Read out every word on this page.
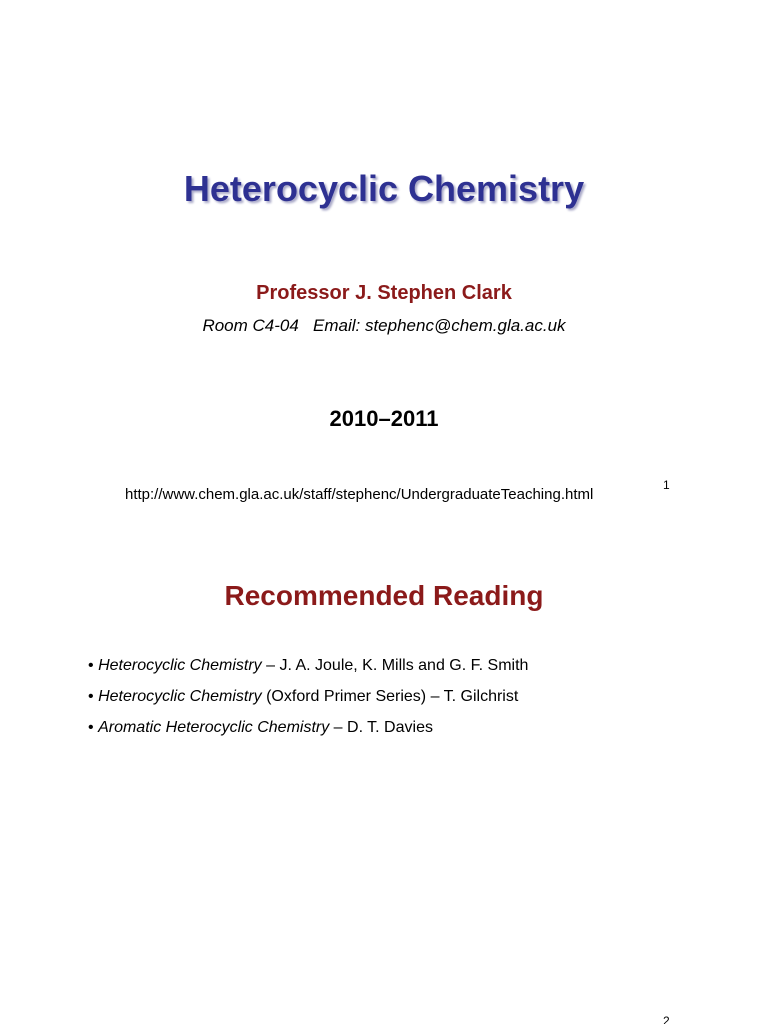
Heterocyclic Chemistry
Professor J. Stephen Clark
Room C4-04   Email: stephenc@chem.gla.ac.uk
2010–2011
http://www.chem.gla.ac.uk/staff/stephenc/UndergraduateTeaching.html
1
Recommended Reading
• Heterocyclic Chemistry – J. A. Joule, K. Mills and G. F. Smith
• Heterocyclic Chemistry (Oxford Primer Series) – T. Gilchrist
• Aromatic Heterocyclic Chemistry – D. T. Davies
2
